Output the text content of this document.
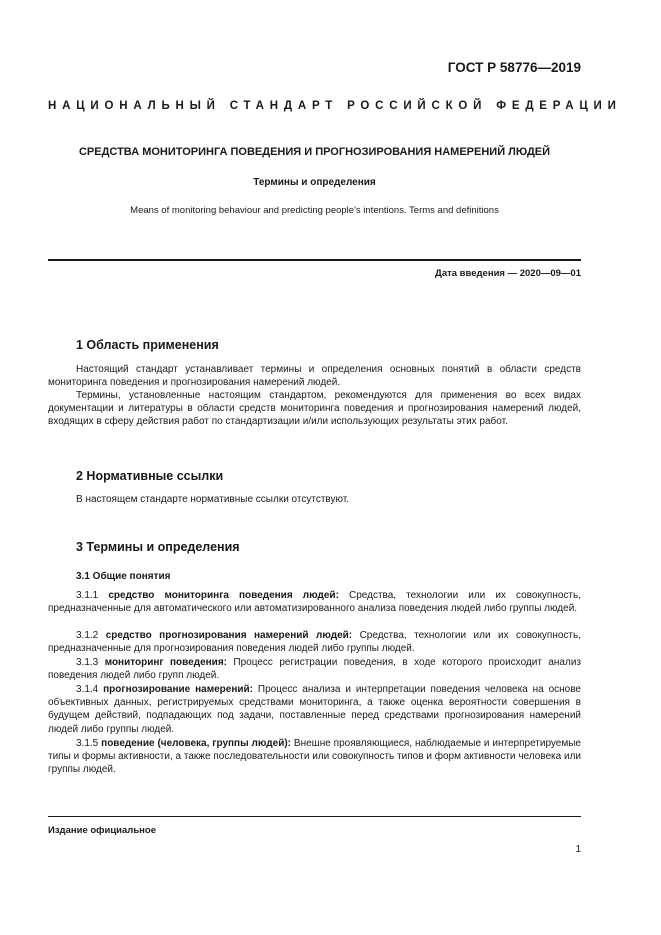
ГОСТ Р 58776—2019
НАЦИОНАЛЬНЫЙ СТАНДАРТ РОССИЙСКОЙ ФЕДЕРАЦИИ
СРЕДСТВА МОНИТОРИНГА ПОВЕДЕНИЯ И ПРОГНОЗИРОВАНИЯ НАМЕРЕНИЙ ЛЮДЕЙ
Термины и определения
Means of monitoring behaviour and predicting people's intentions. Terms and definitions
Дата введения — 2020—09—01
1 Область применения

Настоящий стандарт устанавливает термины и определения основных понятий в области средств мониторинга поведения и прогнозирования намерений людей.

Термины, установленные настоящим стандартом, рекомендуются для применения во всех видах документации и литературы в области средств мониторинга поведения и прогнозирования намерений людей, входящих в сферу действия работ по стандартизации и/или использующих результаты этих работ.

2 Нормативные ссылки

В настоящем стандарте нормативные ссылки отсутствуют.

3 Термины и определения
3.1 Общие понятия

3.1.1 средство мониторинга поведения людей: Средства, технологии или их совокупность, предназначенные для автоматического или автоматизированного анализа поведения людей либо группы людей.

3.1.2 средство прогнозирования намерений людей: Средства, технологии или их совокупность, предназначенные для прогнозирования поведения людей либо группы людей.

3.1.3 мониторинг поведения: Процесс регистрации поведения, в ходе которого происходит анализ поведения людей либо групп людей.

3.1.4 прогнозирование намерений: Процесс анализа и интерпретации поведения человека на основе объективных данных, регистрируемых средствами мониторинга, а также оценка вероятности совершения в будущем действий, подпадающих под задачи, поставленные перед средствами прогнозирования намерений людей либо группы людей.

3.1.5 поведение (человека, группы людей): Внешне проявляющиеся, наблюдаемые и интерпретируемые типы и формы активности, а также последовательности или совокупность типов и форм активности человека или группы людей.

Издание официальное
1
